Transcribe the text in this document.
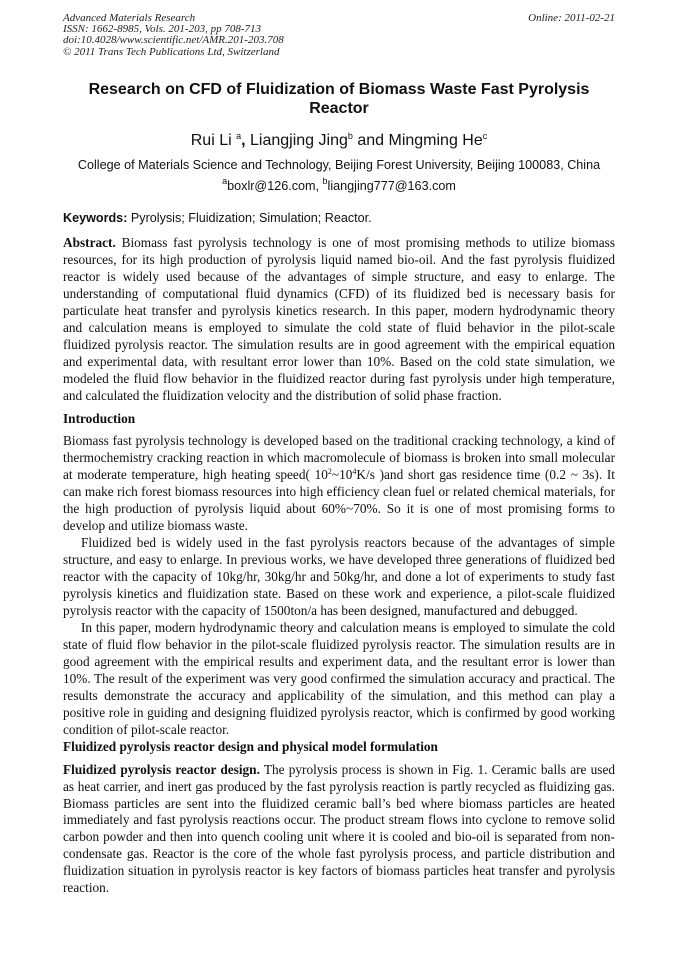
Advanced Materials Research
ISSN: 1662-8985, Vols. 201-203, pp 708-713
doi:10.4028/www.scientific.net/AMR.201-203.708
© 2011 Trans Tech Publications Ltd, Switzerland
Online: 2011-02-21
Research on CFD of Fluidization of Biomass Waste Fast Pyrolysis Reactor
Rui Li $^a$, Liangjing Jing$^b$ and Mingming He$^c$
College of Materials Science and Technology, Beijing Forest University, Beijing 100083, China
$^a$boxlr@126.com, $^b$liangjing777@163.com
Keywords: Pyrolysis; Fluidization; Simulation; Reactor.

Abstract. Biomass fast pyrolysis technology is one of most promising methods to utilize biomass resources, for its high production of pyrolysis liquid named bio-oil. And the fast pyrolysis fluidized reactor is widely used because of the advantages of simple structure, and easy to enlarge. The understanding of computational fluid dynamics (CFD) of its fluidized bed is necessary basis for particulate heat transfer and pyrolysis kinetics research. In this paper, modern hydrodynamic theory and calculation means is employed to simulate the cold state of fluid behavior in the pilot-scale fluidized pyrolysis reactor. The simulation results are in good agreement with the empirical equation and experimental data, with resultant error lower than 10%. Based on the cold state simulation, we modeled the fluid flow behavior in the fluidized reactor during fast pyrolysis under high temperature, and calculated the fluidization velocity and the distribution of solid phase fraction.

Introduction

Biomass fast pyrolysis technology is developed based on the traditional cracking technology, a kind of thermochemistry cracking reaction in which macromolecule of biomass is broken into small molecular at moderate temperature, high heating speed( $10^2\sim 10^4K/s$ )and short gas residence time (0.2 ~ 3s). It can make rich forest biomass resources into high efficiency clean fuel or related chemical materials, for the high production of pyrolysis liquid about 60%~70%. So it is one of most promising forms to develop and utilize biomass waste.

Fluidized bed is widely used in the fast pyrolysis reactors because of the advantages of simple structure, and easy to enlarge. In previous works, we have developed three generations of fluidized bed reactor with the capacity of 10kg/hr, 30kg/hr and 50kg/hr, and done a lot of experiments to study fast pyrolysis kinetics and fluidization state. Based on these work and experience, a pilot-scale fluidized pyrolysis reactor with the capacity of 1500ton/a has been designed, manufactured and debugged.

In this paper, modern hydrodynamic theory and calculation means is employed to simulate the cold state of fluid flow behavior in the pilot-scale fluidized pyrolysis reactor. The simulation results are in good agreement with the empirical results and experiment data, and the resultant error is lower than 10%. The result of the experiment was very good confirmed the simulation accuracy and practical. The results demonstrate the accuracy and applicability of the simulation, and this method can play a positive role in guiding and designing fluidized pyrolysis reactor, which is confirmed by good working condition of pilot-scale reactor.

Fluidized pyrolysis reactor design and physical model formulation

Fluidized pyrolysis reactor design. The pyrolysis process is shown in Fig. 1. Ceramic balls are used as heat carrier, and inert gas produced by the fast pyrolysis reaction is partly recycled as fluidizing gas. Biomass particles are sent into the fluidized ceramic ball’s bed where biomass particles are heated immediately and fast pyrolysis reactions occur. The product stream flows into cyclone to remove solid carbon powder and then into quench cooling unit where it is cooled and bio-oil is separated from non-condensate gas. Reactor is the core of the whole fast pyrolysis process, and particle distribution and fluidization situation in pyrolysis reactor is key factors of biomass particles heat transfer and pyrolysis reaction.
